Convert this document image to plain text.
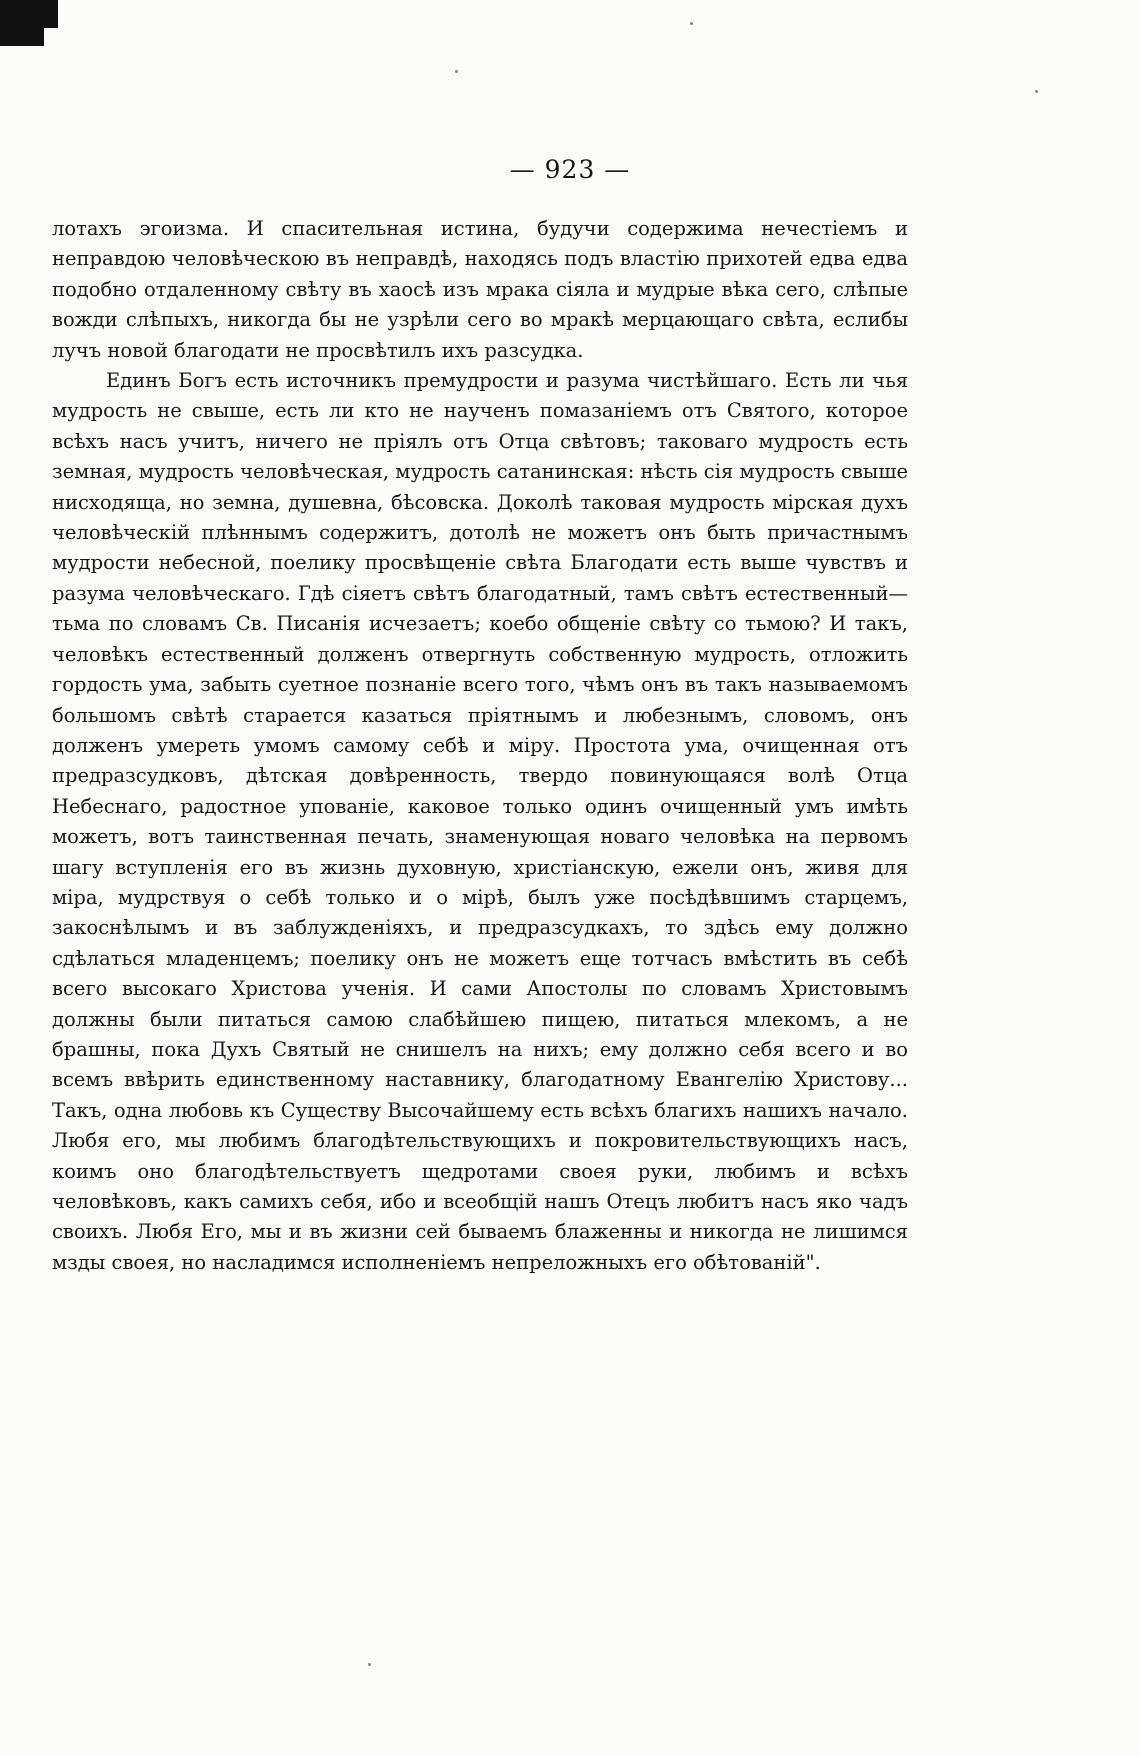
— 923 —

лотахъ эгоизма. И спасительная истина, будучи содержима нечестіемъ и неправдою человѣческою въ неправдѣ, находясь подъ властію прихотей едва едва подобно отдаленному свѣту въ хаосѣ изъ мрака сіяла и мудрые вѣка сего, слѣпые вожди слѣпыхъ, никогда бы не узрѣли сего во мракѣ мерцающаго свѣта, еслибы лучъ новой благодати не просвѣтилъ ихъ разсудка.

Единъ Богъ есть источникъ премудрости и разума чистѣйшаго. Есть ли чья мудрость не свыше, есть ли кто не наученъ помазаніемъ отъ Святого, которое всѣхъ насъ учитъ, ничего не пріялъ отъ Отца свѣтовъ; таковаго мудрость есть земная, мудрость человѣческая, мудрость сатанинская: нѣсть сія мудрость свыше нисходяща, но земна, душевна, бѣсовска. Доколѣ таковая мудрость мірская духъ человѣческій плѣннымъ содержитъ, дотолѣ не можетъ онъ быть причастнымъ мудрости небесной, поелику просвѣщеніе свѣта Благодати есть выше чувствъ и разума человѣческаго. Гдѣ сіяетъ свѣтъ благодатный, тамъ свѣтъ естественный—тьма по словамъ Св. Писанія исчезаетъ; коебо общеніе свѣту со тьмою? И такъ, человѣкъ естественный долженъ отвергнуть собственную мудрость, отложить гордость ума, забыть суетное познаніе всего того, чѣмъ онъ въ такъ называемомъ большомъ свѣтѣ старается казаться пріятнымъ и любезнымъ, словомъ, онъ долженъ умереть умомъ самому себѣ и міру. Простота ума, очищенная отъ предразсудковъ, дѣтская довѣренность, твердо повинующаяся волѣ Отца Небеснаго, радостное упованіе, каковое только одинъ очищенный умъ имѣть можетъ, вотъ таинственная печать, знаменующая новаго человѣка на первомъ шагу вступленія его въ жизнь духовную, христіанскую, ежели онъ, живя для міра, мудрствуя о себѣ только и о мірѣ, былъ уже посѣдѣвшимъ старцемъ, закоснѣлымъ и въ заблужденіяхъ, и предразсудкахъ, то здѣсь ему должно сдѣлаться младенцемъ; поелику онъ не можетъ еще тотчасъ вмѣстить въ себѣ всего высокаго Христова ученія. И сами Апостолы по словамъ Христовымъ должны были питаться самою слабѣйшею пищею, питаться млекомъ, а не брашны, пока Духъ Святый не снишелъ на нихъ; ему должно себя всего и во всемъ ввѣрить единственному наставнику, благодатному Евангелію Христову... Такъ, одна любовь къ Существу Высочайшему есть всѣхъ благихъ нашихъ начало. Любя его, мы любимъ благодѣтельствующихъ и покровительствующихъ насъ, коимъ оно благодѣтельствуетъ щедротами своея руки, любимъ и всѣхъ человѣковъ, какъ самихъ себя, ибо и всеобщій нашъ Отецъ любитъ насъ яко чадъ своихъ. Любя Его, мы и въ жизни сей бываемъ блаженны и никогда не лишимся мзды своея, но насладимся исполненіемъ непреложныхъ его обѣтованій".
